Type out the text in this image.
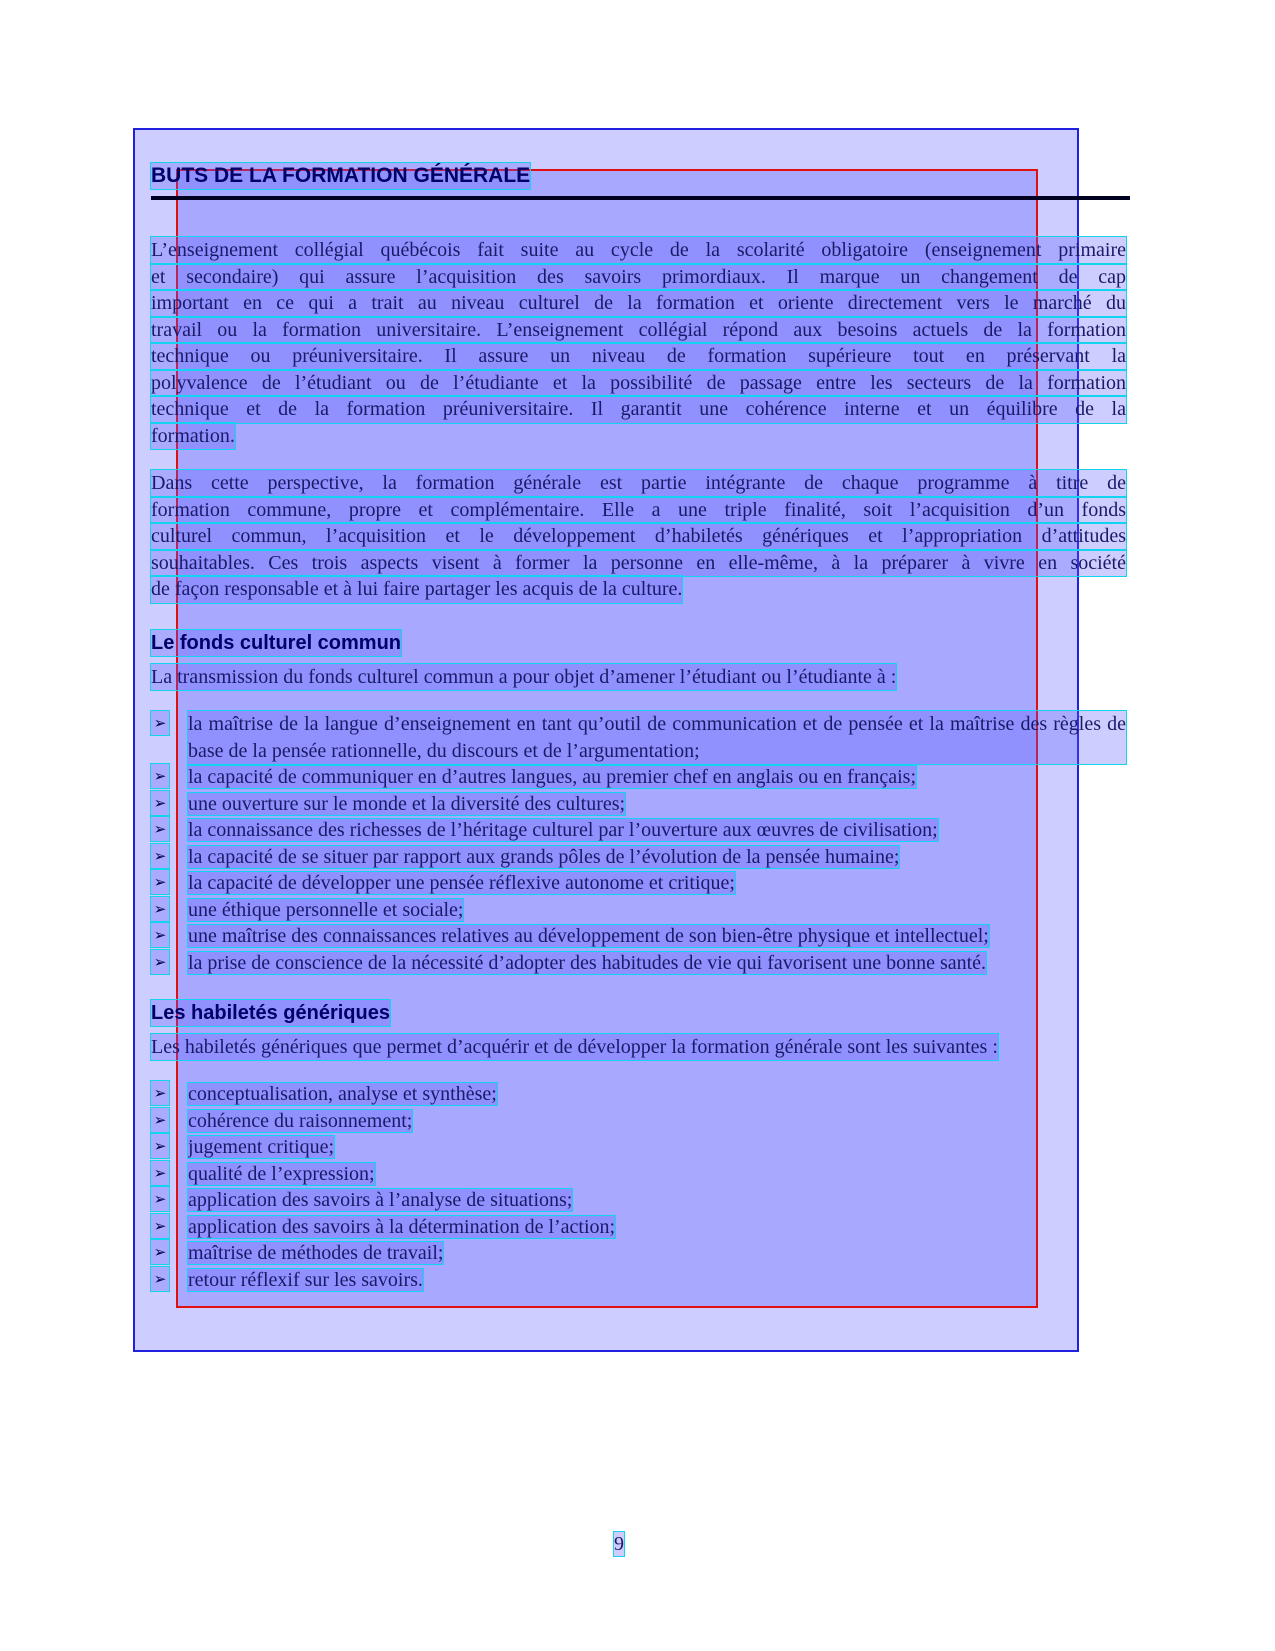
BUTS DE LA FORMATION GÉNÉRALE
L’enseignement collégial québécois fait suite au cycle de la scolarité obligatoire (enseignement primaire
et secondaire) qui assure l’acquisition des savoirs primordiaux. Il marque un changement de cap
important en ce qui a trait au niveau culturel de la formation et oriente directement vers le marché du
travail ou la formation universitaire. L’enseignement collégial répond aux besoins actuels de la formation
technique ou préuniversitaire. Il assure un niveau de formation supérieure tout en préservant la
polyvalence de l’étudiant ou de l’étudiante et la possibilité de passage entre les secteurs de la formation
technique et de la formation préuniversitaire. Il garantit une cohérence interne et un équilibre de la
formation.
Dans cette perspective, la formation générale est partie intégrante de chaque programme à titre de
formation commune, propre et complémentaire. Elle a une triple finalité, soit l’acquisition d’un fonds
culturel commun, l’acquisition et le développement d’habiletés génériques et l’appropriation d’attitudes
souhaitables. Ces trois aspects visent à former la personne en elle-même, à la préparer à vivre en société
de façon responsable et à lui faire partager les acquis de la culture.
Le fonds culturel commun
La transmission du fonds culturel commun a pour objet d’amener l’étudiant ou l’étudiante à :
➢ la maîtrise de la langue d’enseignement en tant qu’outil de communication et de pensée et la maîtrise des règles de base de la pensée rationnelle, du discours et de l’argumentation;
➢ la capacité de communiquer en d’autres langues, au premier chef en anglais ou en français;
➢ une ouverture sur le monde et la diversité des cultures;
➢ la connaissance des richesses de l’héritage culturel par l’ouverture aux œuvres de civilisation;
➢ la capacité de se situer par rapport aux grands pôles de l’évolution de la pensée humaine;
➢ la capacité de développer une pensée réflexive autonome et critique;
➢ une éthique personnelle et sociale;
➢ une maîtrise des connaissances relatives au développement de son bien-être physique et intellectuel;
➢ la prise de conscience de la nécessité d’adopter des habitudes de vie qui favorisent une bonne santé.
Les habiletés génériques
Les habiletés génériques que permet d’acquérir et de développer la formation générale sont les suivantes :
➢ conceptualisation, analyse et synthèse;
➢ cohérence du raisonnement;
➢ jugement critique;
➢ qualité de l’expression;
➢ application des savoirs à l’analyse de situations;
➢ application des savoirs à la détermination de l’action;
➢ maîtrise de méthodes de travail;
➢ retour réflexif sur les savoirs.
9
